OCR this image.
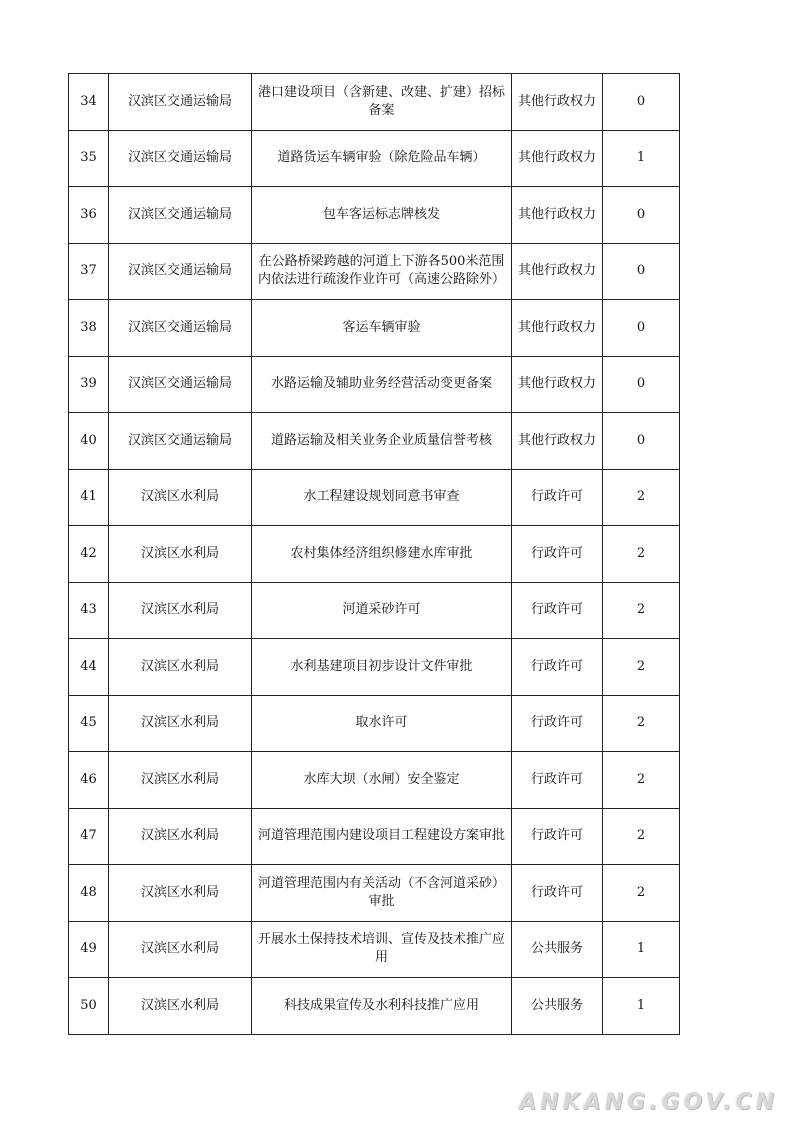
34	汉滨区交通运输局	港口建设项目（含新建、改建、扩建）招标备案	其他行政权力	0
35	汉滨区交通运输局	道路货运车辆审验（除危险品车辆）	其他行政权力	1
36	汉滨区交通运输局	包车客运标志牌核发	其他行政权力	0
37	汉滨区交通运输局	在公路桥梁跨越的河道上下游各500米范围内依法进行疏浚作业许可（高速公路除外）	其他行政权力	0
38	汉滨区交通运输局	客运车辆审验	其他行政权力	0
39	汉滨区交通运输局	水路运输及辅助业务经营活动变更备案	其他行政权力	0
40	汉滨区交通运输局	道路运输及相关业务企业质量信誉考核	其他行政权力	0
41	汉滨区水利局	水工程建设规划同意书审查	行政许可	2
42	汉滨区水利局	农村集体经济组织修建水库审批	行政许可	2
43	汉滨区水利局	河道采砂许可	行政许可	2
44	汉滨区水利局	水利基建项目初步设计文件审批	行政许可	2
45	汉滨区水利局	取水许可	行政许可	2
46	汉滨区水利局	水库大坝（水闸）安全鉴定	行政许可	2
47	汉滨区水利局	河道管理范围内建设项目工程建设方案审批	行政许可	2
48	汉滨区水利局	河道管理范围内有关活动（不含河道采砂）审批	行政许可	2
49	汉滨区水利局	开展水土保持技术培训、宣传及技术推广应用	公共服务	1
50	汉滨区水利局	科技成果宣传及水利科技推广应用	公共服务	1
ANKANG.GOV.CN
